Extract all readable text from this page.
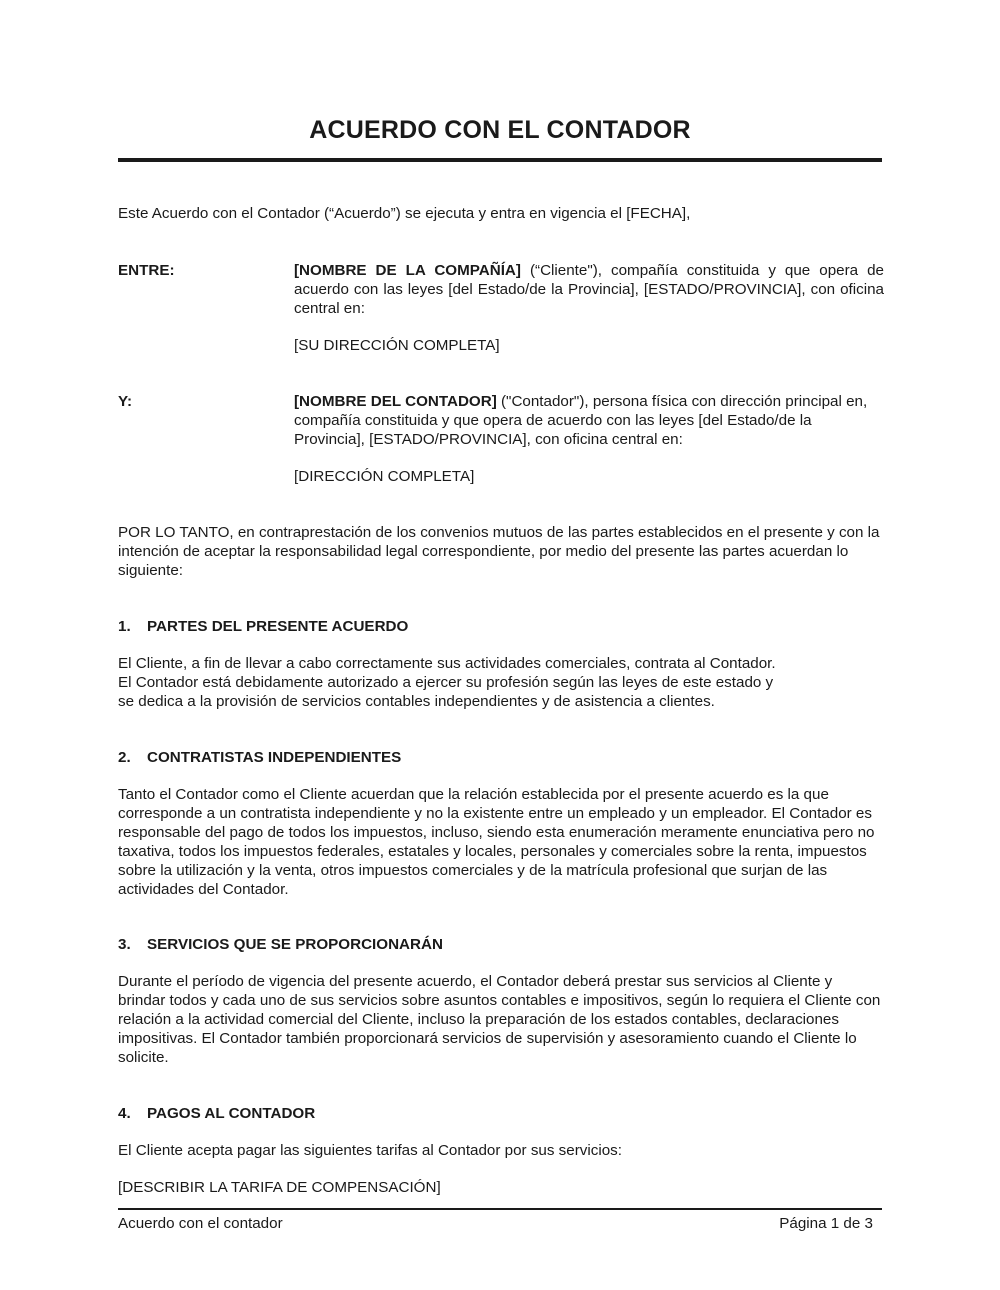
ACUERDO CON EL CONTADOR

Este Acuerdo con el Contador (“Acuerdo”) se ejecuta y entra en vigencia el [FECHA],

ENTRE:	[NOMBRE DE LA COMPAÑÍA] (“Cliente"), compañía constituida y que opera de acuerdo con las leyes [del Estado/de la Provincia], [ESTADO/PROVINCIA], con oficina central en:
[SU DIRECCIÓN COMPLETA]
Y:	[NOMBRE DEL CONTADOR] ("Contador"), persona física con dirección principal en, compañía constituida y que opera de acuerdo con las leyes [del Estado/de la Provincia], [ESTADO/PROVINCIA], con oficina central en:
[DIRECCIÓN COMPLETA]

POR LO TANTO, en contraprestación de los convenios mutuos de las partes establecidos en el presente y con la intención de aceptar la responsabilidad legal correspondiente, por medio del presente las partes acuerdan lo siguiente:

1. PARTES DEL PRESENTE ACUERDO
El Cliente, a fin de llevar a cabo correctamente sus actividades comerciales, contrata al Contador.
El Contador está debidamente autorizado a ejercer su profesión según las leyes de este estado y
se dedica a la provisión de servicios contables independientes y de asistencia a clientes.
2. CONTRATISTAS INDEPENDIENTES

Tanto el Contador como el Cliente acuerdan que la relación establecida por el presente acuerdo es la que corresponde a un contratista independiente y no la existente entre un empleado y un empleador. El Contador es responsable del pago de todos los impuestos, incluso, siendo esta enumeración meramente enunciativa pero no taxativa, todos los impuestos federales, estatales y locales, personales y comerciales sobre la renta, impuestos sobre la utilización y la venta, otros impuestos comerciales y de la matrícula profesional que surjan de las actividades del Contador.

3. SERVICIOS QUE SE PROPORCIONARÁN

Durante el período de vigencia del presente acuerdo, el Contador deberá prestar sus servicios al Cliente y brindar todos y cada uno de sus servicios sobre asuntos contables e impositivos, según lo requiera el Cliente con relación a la actividad comercial del Cliente, incluso la preparación de los estados contables, declaraciones impositivas. El Contador también proporcionará servicios de supervisión y asesoramiento cuando el Cliente lo solicite.

4. PAGOS AL CONTADOR

El Cliente acepta pagar las siguientes tarifas al Contador por sus servicios:

[DESCRIBIR LA TARIFA DE COMPENSACIÓN]

Acuerdo con el contador	Página 1 de 3
